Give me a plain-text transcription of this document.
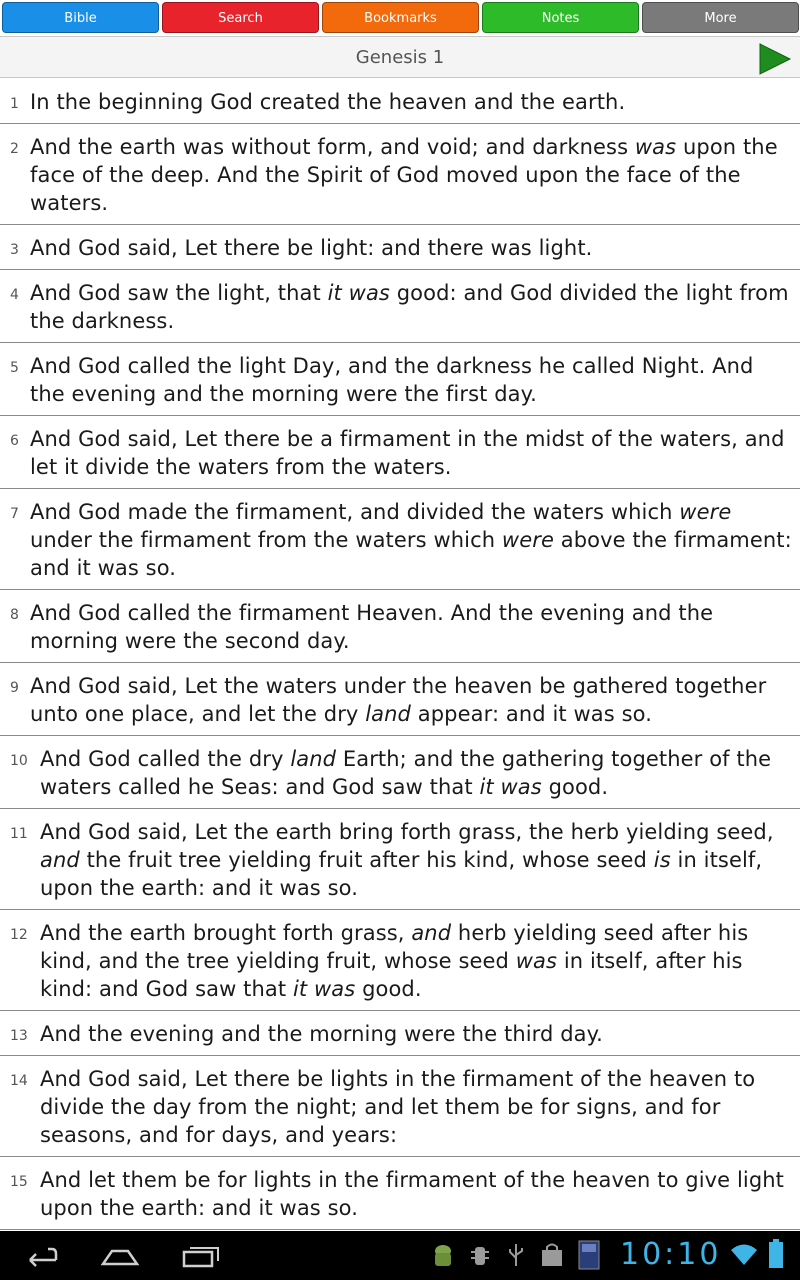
Bible	Search	Bookmarks	Notes	More
Genesis 1
1 In the beginning God created the heaven and the earth.
2 And the earth was without form, and void; and darkness was upon the face of the deep. And the Spirit of God moved upon the face of the waters.
3 And God said, Let there be light: and there was light.
4 And God saw the light, that it was good: and God divided the light from the darkness.
5 And God called the light Day, and the darkness he called Night. And the evening and the morning were the first day.
6 And God said, Let there be a firmament in the midst of the waters, and let it divide the waters from the waters.
7 And God made the firmament, and divided the waters which were under the firmament from the waters which were above the firmament: and it was so.
8 And God called the firmament Heaven. And the evening and the morning were the second day.
9 And God said, Let the waters under the heaven be gathered together unto one place, and let the dry land appear: and it was so.
10 And God called the dry land Earth; and the gathering together of the waters called he Seas: and God saw that it was good.
11 And God said, Let the earth bring forth grass, the herb yielding seed, and the fruit tree yielding fruit after his kind, whose seed is in itself, upon the earth: and it was so.
12 And the earth brought forth grass, and herb yielding seed after his kind, and the tree yielding fruit, whose seed was in itself, after his kind: and God saw that it was good.
13 And the evening and the morning were the third day.
14 And God said, Let there be lights in the firmament of the heaven to divide the day from the night; and let them be for signs, and for seasons, and for days, and years:
15 And let them be for lights in the firmament of the heaven to give light upon the earth: and it was so.
10:10
